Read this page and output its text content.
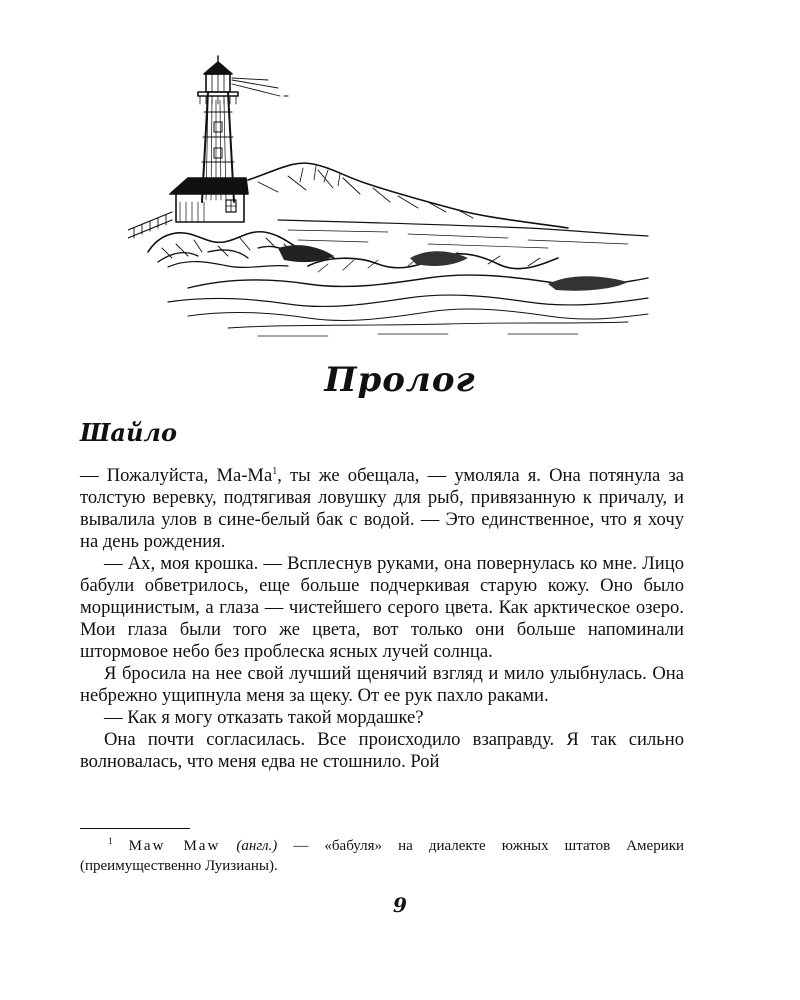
Пролог
Шайло

— Пожалуйста, $Ма-Ма^1$, ты же обещала, — умоляла я. Она потянула за толстую веревку, подтягивая ловушку для рыб, привязанную к причалу, и вывалила улов в сине-белый бак с водой. — Это единственное, что я хочу на день рождения.

— Ах, моя крошка. — Всплеснув руками, она повернулась ко мне. Лицо бабули обветрилось, еще больше подчеркивая старую кожу. Оно было морщинистым, а глаза — чистейшего серого цвета. Как арктическое озеро. Мои глаза были того же цвета, вот только они больше напоминали штормовое небо без проблеска ясных лучей солнца.

Я бросила на нее свой лучший щенячий взгляд и мило улыбнулась. Она небрежно ущипнула меня за щеку. От ее рук пахло раками.

— Как я могу отказать такой мордашке?

Она почти согласилась. Все происходило взаправду. Я так сильно волновалась, что меня едва не стошнило. Рой

$^1$ Maw Maw (англ.) — «бабуля» на диалекте южных штатов Америки (преимущественно Луизианы).

9
